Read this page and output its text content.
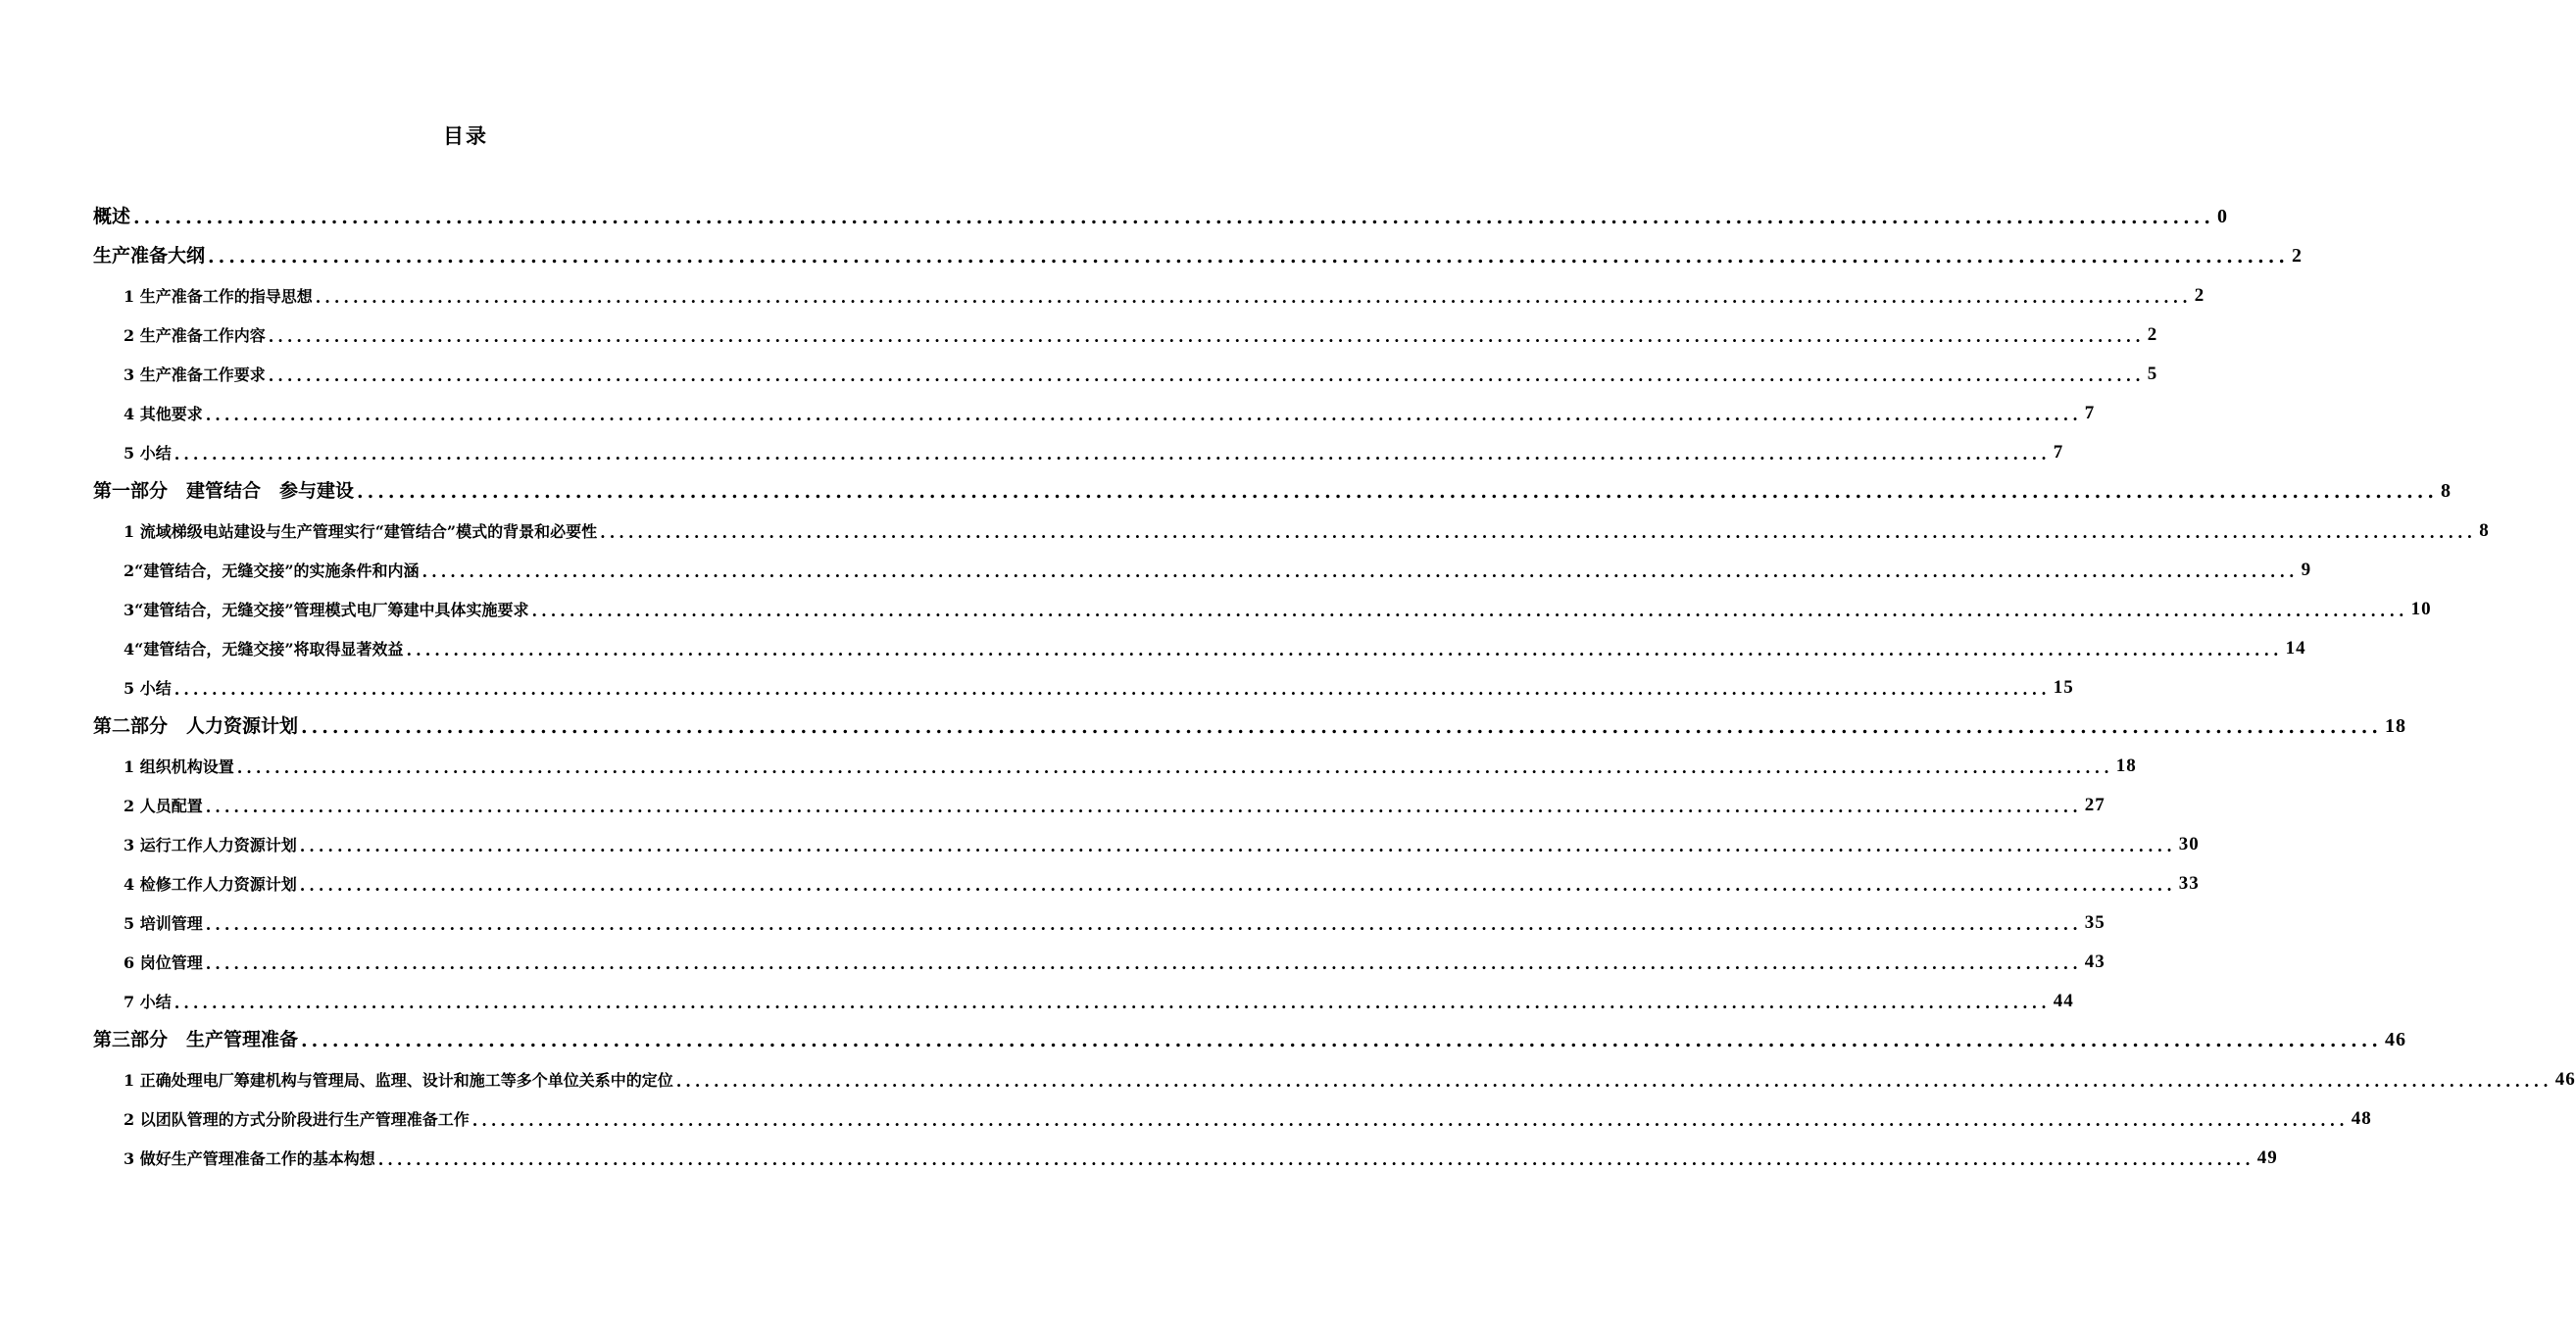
目录
概述 ........................................................................................................................................................................................................ 0
生产准备大纲 ........................................................................................................................................................................................................ 2
1 生产准备工作的指导思想 ........................................................................................................................................................................................................ 2
2 生产准备工作内容 ........................................................................................................................................................................................................ 2
3 生产准备工作要求 ........................................................................................................................................................................................................ 5
4 其他要求 ........................................................................................................................................................................................................ 7
5 小结 ........................................................................................................................................................................................................ 7
第一部分　建管结合　参与建设 ........................................................................................................................................................................................................ 8
1 流域梯级电站建设与生产管理实行“建管结合”模式的背景和必要性 ........................................................................................................................................................................................................ 8
2“建管结合，无缝交接”的实施条件和内涵 ........................................................................................................................................................................................................ 9
3“建管结合，无缝交接”管理模式电厂筹建中具体实施要求 ........................................................................................................................................................................................................ 10
4“建管结合，无缝交接”将取得显著效益 ........................................................................................................................................................................................................ 14
5 小结 ........................................................................................................................................................................................................ 15
第二部分　人力资源计划 ........................................................................................................................................................................................................ 18
1 组织机构设置 ........................................................................................................................................................................................................ 18
2 人员配置 ........................................................................................................................................................................................................ 27
3 运行工作人力资源计划 ........................................................................................................................................................................................................ 30
4 检修工作人力资源计划 ........................................................................................................................................................................................................ 33
5 培训管理 ........................................................................................................................................................................................................ 35
6 岗位管理 ........................................................................................................................................................................................................ 43
7 小结 ........................................................................................................................................................................................................ 44
第三部分　生产管理准备 ........................................................................................................................................................................................................ 46
1 正确处理电厂筹建机构与管理局、监理、设计和施工等多个单位关系中的定位 ........................................................................................................................................................................................................ 46
2 以团队管理的方式分阶段进行生产管理准备工作 ........................................................................................................................................................................................................ 48
3 做好生产管理准备工作的基本构想 ........................................................................................................................................................................................................ 49
